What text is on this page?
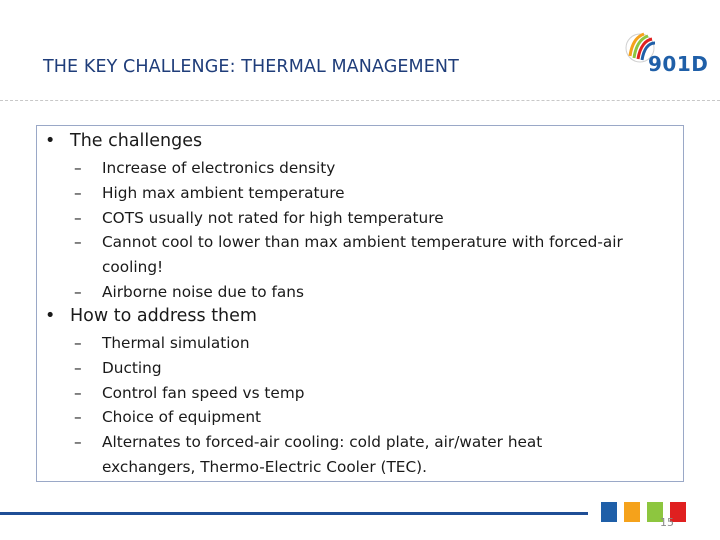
THE KEY CHALLENGE: THERMAL MANAGEMENT	901D
• The challenges
– Increase of electronics density
– High max ambient temperature
– COTS usually not rated for high temperature
– Cannot cool to lower than max ambient temperature with forced-air cooling!
– Airborne noise due to fans
• How to address them
– Thermal simulation
– Ducting
– Control fan speed vs temp
– Choice of equipment
– Alternates to forced-air cooling: cold plate, air/water heat exchangers, Thermo-Electric Cooler (TEC).
15
